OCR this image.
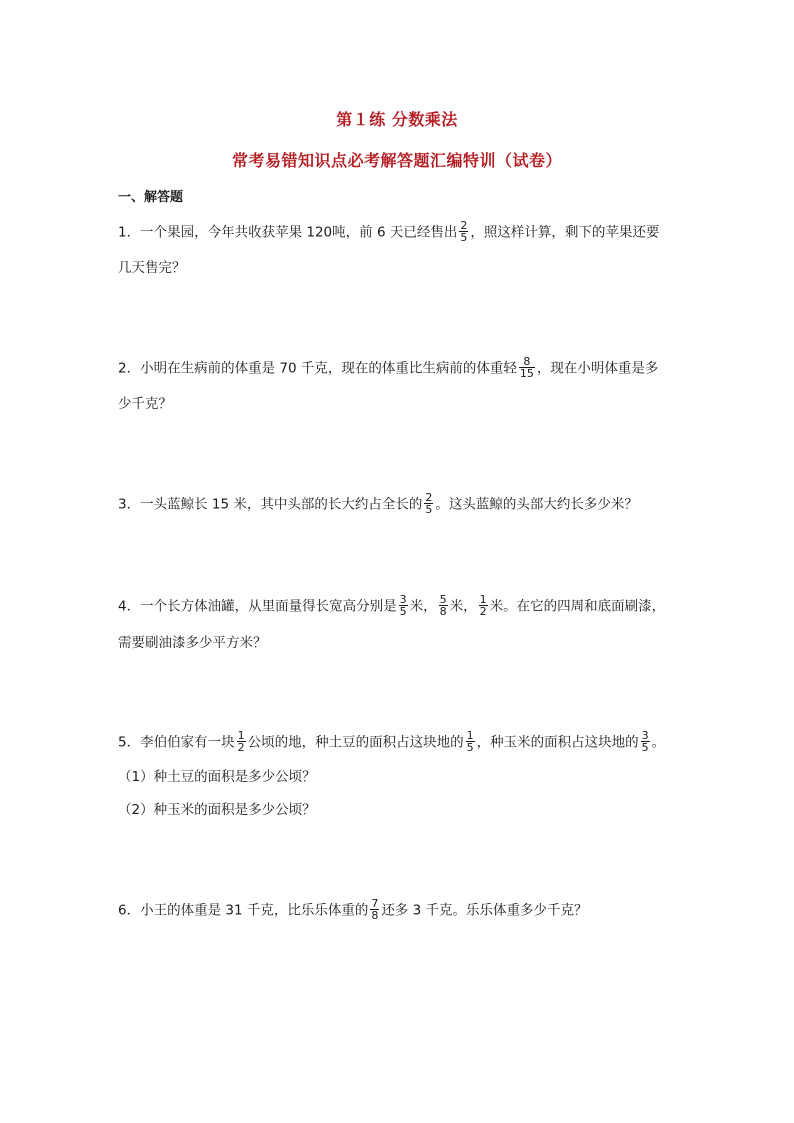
第１练 分数乘法
常考易错知识点必考解答题汇编特训（试卷）
一、解答题
1．一个果园，今年共收获苹果 120吨，前 6 天已经售出 $\frac{2}{5}$ ，照这样计算，剩下的苹果还要
几天售完？
2．小明在生病前的体重是 70 千克，现在的体重比生病前的体重轻 $\frac{8}{15}$ ，现在小明体重是多
少千克？
3．一头蓝鲸长 15 米，其中头部的长大约占全长的 $\frac{2}{5}$ 。这头蓝鲸的头部大约长多少米？
4．一个长方体油罐，从里面量得长宽高分别是 $\frac{3}{5}$ 米， $\frac{5}{8}$ 米， $\frac{1}{2}$ 米。在它的四周和底面刷漆，
需要刷油漆多少平方米？
5．李伯伯家有一块 $\frac{1}{2}$ 公顷的地，种土豆的面积占这块地的 $\frac{1}{5}$ ，种玉米的面积占这块地的 $\frac{3}{5}$ 。
（1）种土豆的面积是多少公顷？
（2）种玉米的面积是多少公顷？
6．小王的体重是 31 千克，比乐乐体重的 $\frac{7}{8}$ 还多 3 千克。乐乐体重多少千克？
